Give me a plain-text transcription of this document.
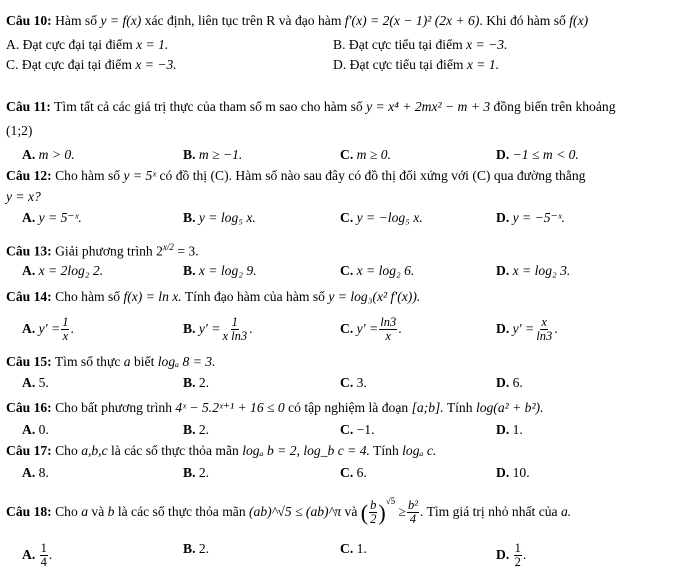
Câu 10: Hàm số y = f(x) xác định, liên tục trên R và đạo hàm f′(x) = 2(x − 1)² (2x + 6). Khi đó hàm số f(x)
A. Đạt cực đại tại điểm x = 1.	B. Đạt cực tiểu tại điểm x = −3.
C. Đạt cực đại tại điểm x = −3.	D. Đạt cực tiểu tại điểm x = 1.
Câu 11: Tìm tất cả các giá trị thực của tham số m sao cho hàm số y = x⁴ + 2mx² − m + 3 đồng biến trên khoảng
(1;2)
A. m > 0.	B. m ≥ −1.	C. m ≥ 0.	D. −1 ≤ m < 0.
Câu 12: Cho hàm số y = 5ˣ có đồ thị (C). Hàm số nào sau đây có đồ thị đối xứng với (C) qua đường thẳng
y = x?
A. y = 5⁻ˣ.	B. y = log₅ x.	C. y = −log₅ x.	D. y = −5⁻ˣ.
Câu 13: Giải phương trình $2^{x/2} = 3$.
A. x = 2log₂ 2.	B. x = log₂ 9.	C. x = log₂ 6.	D. x = log₂ 3.
Câu 14: Cho hàm số f(x) = ln x. Tính đạo hàm của hàm số y = log₃(x² f′(x)).
A. $y' = \frac{1}{x}$ .	B. $y' = \frac{1}{\text{x ln3}}$ .	C. $y' = \frac{\ln 3}{x}$ .	D. $y' = \frac{x}{\ln 3}$ .
Câu 15: Tìm số thực a biết logₐ 8 = 3.
A. 5.	B. 2.	C. 3.	D. 6.
Câu 16: Cho bất phương trình 4ˣ − 5.2ˣ⁺¹ + 16 ≤ 0 có tập nghiệm là đoạn [a;b]. Tính log(a² + b²).
A. 0.	B. 2.	C. −1.	D. 1.
Câu 17: Cho a,b,c là các số thực thỏa mãn logₐ b = 2, log_b c = 4. Tính logₐ c.
A. 8.	B. 2.	C. 6.	D. 10.
Câu 18: Cho a và b là các số thực thỏa mãn (ab)^√5 ≤ (ab)^π và ( $\frac{b}{2} )^{√5} \ge \frac{\text{b²}}{4}$ . Tìm giá trị nhỏ nhất của a.
A. $\frac{1}{4}$ .	B. 2.	C. 1.	D. $\frac{1}{2}$ .
